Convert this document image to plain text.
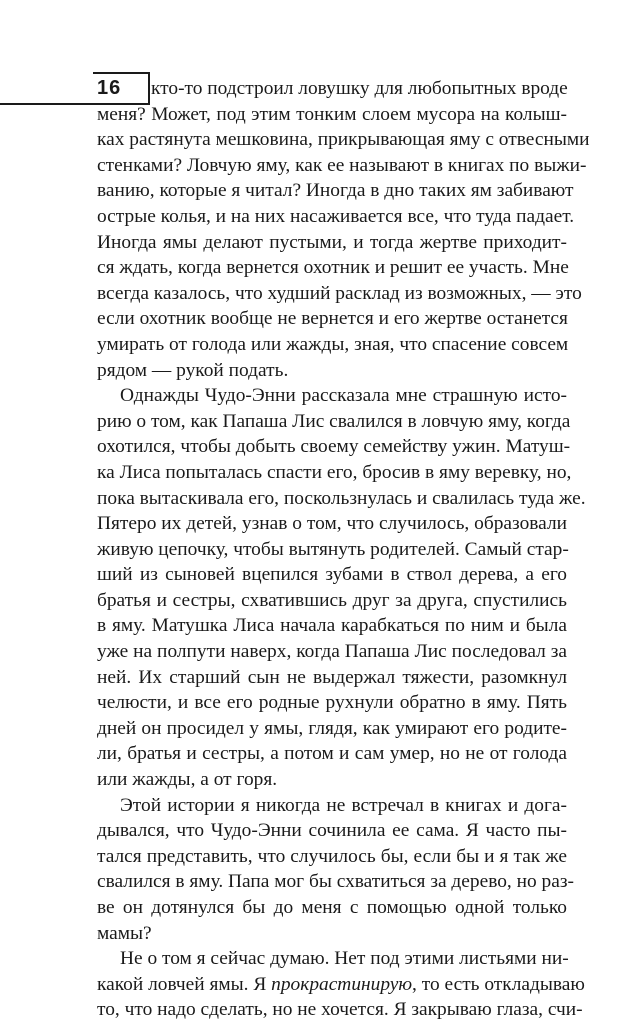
16 кто-то подстроил ловушку для любопытных вроде
меня? Может, под этим тонким слоем мусора на колыш-
ках растянута мешковина, прикрывающая яму с отвесными
стенками? Ловчую яму, как ее называют в книгах по выжи-
ванию, которые я читал? Иногда в дно таких ям забивают
острые колья, и на них насаживается все, что туда падает.
Иногда ямы делают пустыми, и тогда жертве приходит-
ся ждать, когда вернется охотник и решит ее участь. Мне
всегда казалось, что худший расклад из возможных, — это
если охотник вообще не вернется и его жертве останется
умирать от голода или жажды, зная, что спасение совсем
рядом — рукой подать.
Однажды Чудо-Энни рассказала мне страшную исто-
рию о том, как Папаша Лис свалился в ловчую яму, когда
охотился, чтобы добыть своему семейству ужин. Матуш-
ка Лиса попыталась спасти его, бросив в яму веревку, но,
пока вытаскивала его, поскользнулась и свалилась туда же.
Пятеро их детей, узнав о том, что случилось, образовали
живую цепочку, чтобы вытянуть родителей. Самый стар-
ший из сыновей вцепился зубами в ствол дерева, а его
братья и сестры, схватившись друг за друга, спустились
в яму. Матушка Лиса начала карабкаться по ним и была
уже на полпути наверх, когда Папаша Лис последовал за
ней. Их старший сын не выдержал тяжести, разомкнул
челюсти, и все его родные рухнули обратно в яму. Пять
дней он просидел у ямы, глядя, как умирают его родите-
ли, братья и сестры, а потом и сам умер, но не от голода
или жажды, а от горя.
Этой истории я никогда не встречал в книгах и дога-
дывался, что Чудо-Энни сочинила ее сама. Я часто пы-
тался представить, что случилось бы, если бы и я так же
свалился в яму. Папа мог бы схватиться за дерево, но раз-
ве он дотянулся бы до меня с помощью одной только
мамы?
Не о том я сейчас думаю. Нет под этими листьями ни-
какой ловчей ямы. Я прокрастинирую, то есть откладываю
то, что надо сделать, но не хочется. Я закрываю глаза, счи-
